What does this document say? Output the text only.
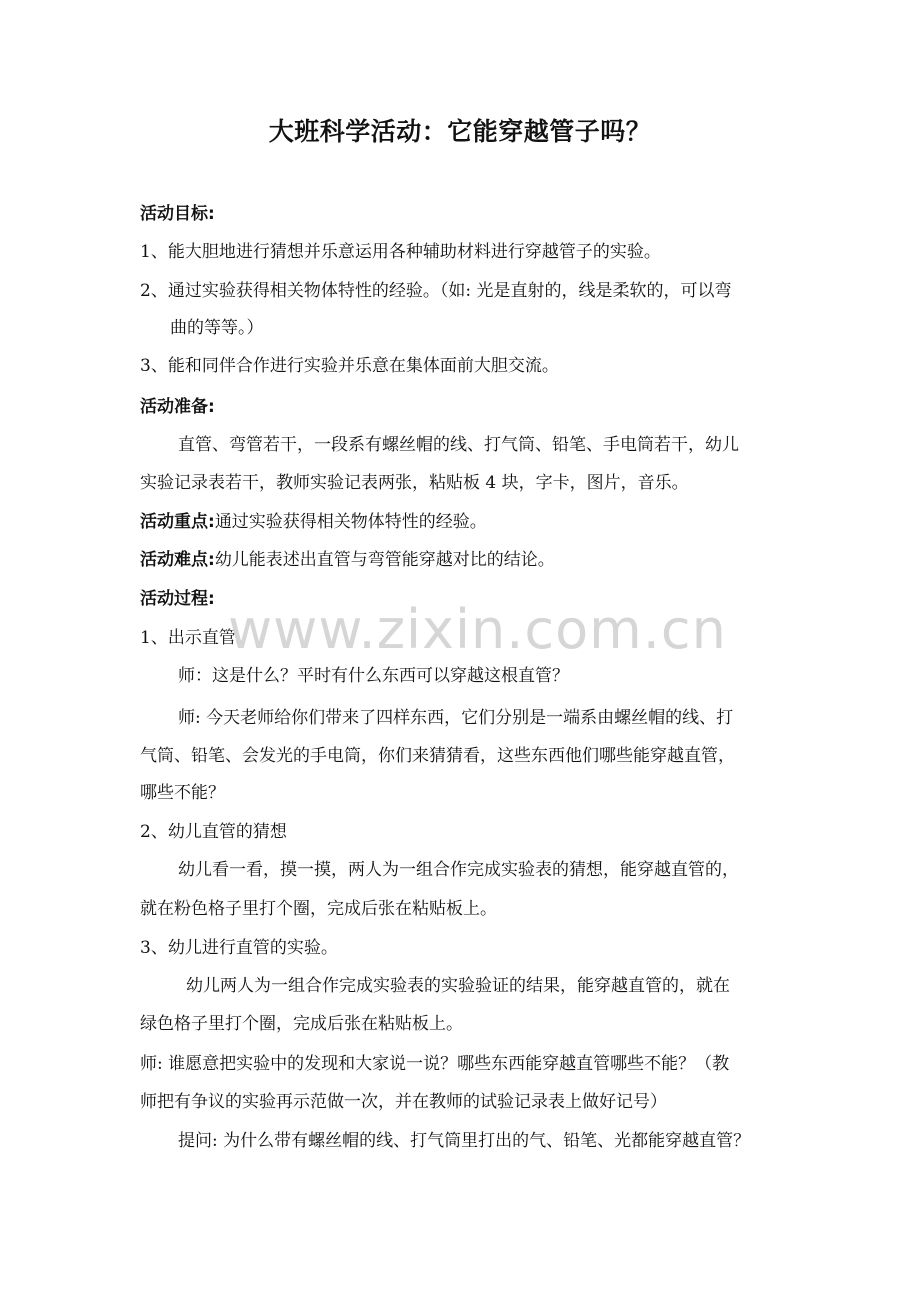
大班科学活动：它能穿越管子吗？
活动目标:
1、能大胆地进行猜想并乐意运用各种辅助材料进行穿越管子的实验。
2、通过实验获得相关物体特性的经验。（如: 光是直射的，线是柔软的，可以弯
曲的等等。）
3、能和同伴合作进行实验并乐意在集体面前大胆交流。
活动准备:
直管、弯管若干，一段系有螺丝帽的线、打气筒、铅笔、手电筒若干，幼儿
实验记录表若干，教师实验记表两张，粘贴板 4 块，字卡，图片，音乐。
活动重点:通过实验获得相关物体特性的经验。
活动难点:幼儿能表述出直管与弯管能穿越对比的结论。
活动过程:
1、出示直管。
师：这是什么？平时有什么东西可以穿越这根直管？
师: 今天老师给你们带来了四样东西，它们分别是一端系由螺丝帽的线、打
气筒、铅笔、会发光的手电筒，你们来猜猜看，这些东西他们哪些能穿越直管，
哪些不能？
2、幼儿直管的猜想
幼儿看一看，摸一摸，两人为一组合作完成实验表的猜想，能穿越直管的，
就在粉色格子里打个圈，完成后张在粘贴板上。
3、幼儿进行直管的实验。
幼儿两人为一组合作完成实验表的实验验证的结果，能穿越直管的，就在
绿色格子里打个圈，完成后张在粘贴板上。
师: 谁愿意把实验中的发现和大家说一说？哪些东西能穿越直管哪些不能？（教
师把有争议的实验再示范做一次，并在教师的试验记录表上做好记号）
提问: 为什么带有螺丝帽的线、打气筒里打出的气、铅笔、光都能穿越直管？
www.zixin.com.cn
